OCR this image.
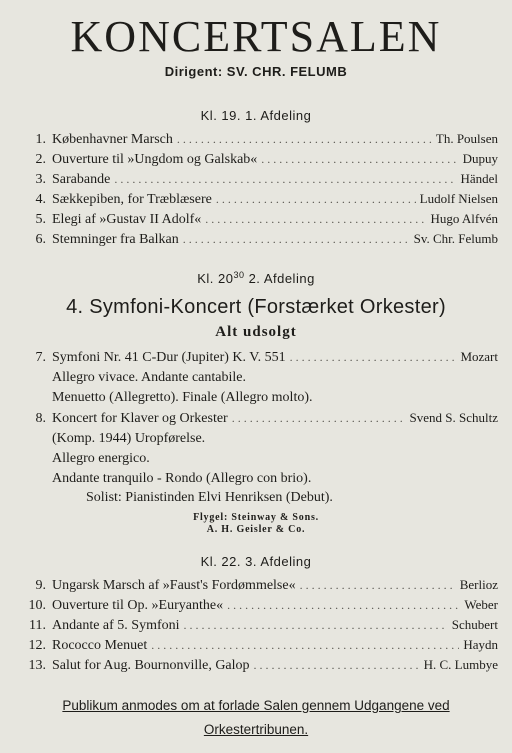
KONCERTSALEN
Dirigent: SV. CHR. FELUMB
Kl. 19. 1. Afdeling
1. Københavner Marsch . . .	Th. Poulsen
2. Ouverture til »Ungdom og Galskab« . . .	Dupuy
3. Sarabande . . .	Händel
4. Sækkepiben, for Træblæsere . . .	Ludolf Nielsen
5. Elegi af »Gustav II Adolf« . . .	Hugo Alfvén
6. Stemninger fra Balkan . . .	Sv. Chr. Felumb
Kl. $20^{30}$ 2. Afdeling
4. Symfoni-Koncert (Forstærket Orkester)
Alt udsolgt
7. Symfoni Nr. 41 C-Dur (Jupiter) K. V. 551 . . .	Mozart
Allegro vivace. Andante cantabile.
Menuetto (Allegretto). Finale (Allegro molto).
8. Koncert for Klaver og Orkester . . .	Svend S. Schultz
(Komp. 1944) Uropførelse.
Allegro energico.
Andante tranquilo - Rondo (Allegro con brio).
Solist: Pianistinden Elvi Henriksen (Debut).
Flygel: Steinway & Sons.
A. H. Geisler & Co.
Kl. 22. 3. Afdeling
9. Ungarsk Marsch af »Faust's Fordømmelse« . . .	Berlioz
10. Ouverture til Op. »Euryanthe« . . .	Weber
11. Andante af 5. Symfoni . . .	Schubert
12. Rococco Menuet . . .	Haydn
13. Salut for Aug. Bournonville, Galop . . .	H. C. Lumbye
Publikum anmodes om at forlade Salen gennem Udgangene ved
Orkestertribunen.
